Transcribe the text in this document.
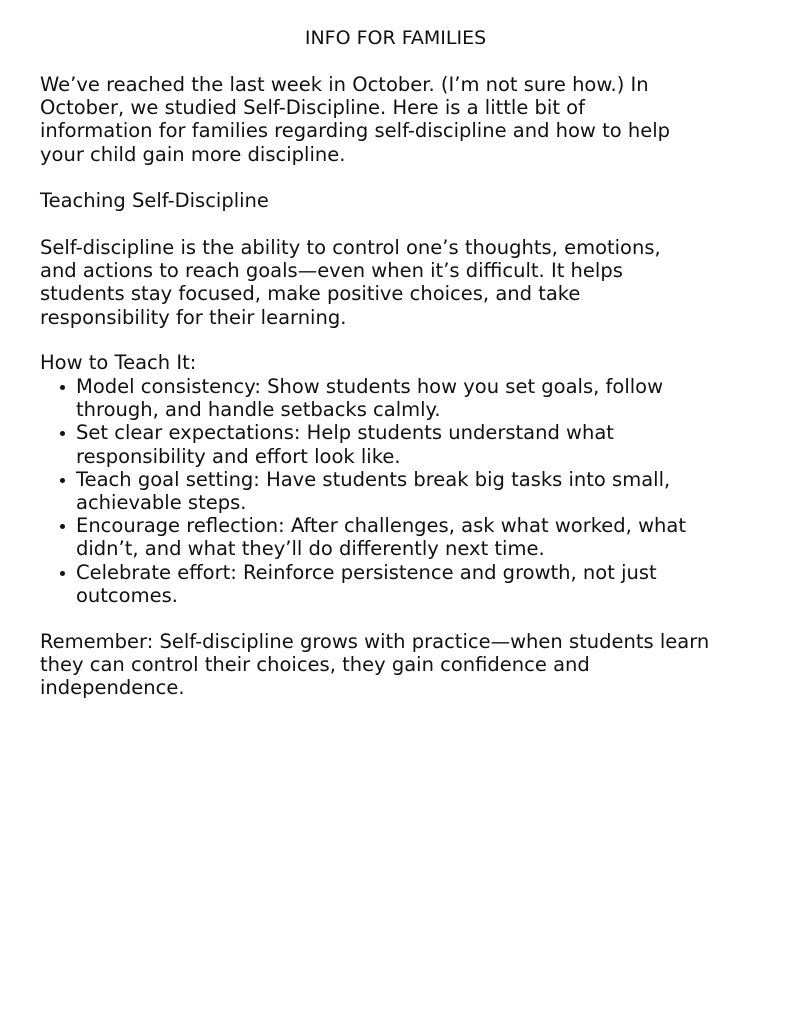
INFO FOR FAMILIES
We’ve reached the last week in October. (I’m not sure how.) In
October, we studied Self-Discipline. Here is a little bit of
information for families regarding self-discipline and how to help
your child gain more discipline.
Teaching Self-Discipline
Self-discipline is the ability to control one’s thoughts, emotions,
and actions to reach goals—even when it’s difficult. It helps
students stay focused, make positive choices, and take
responsibility for their learning.
How to Teach It:
Model consistency: Show students how you set goals, follow
through, and handle setbacks calmly.
Set clear expectations: Help students understand what
responsibility and effort look like.
Teach goal setting: Have students break big tasks into small,
achievable steps.
Encourage reflection: After challenges, ask what worked, what
didn’t, and what they’ll do differently next time.
Celebrate effort: Reinforce persistence and growth, not just
outcomes.
Remember: Self-discipline grows with practice—when students learn
they can control their choices, they gain confidence and
independence.
